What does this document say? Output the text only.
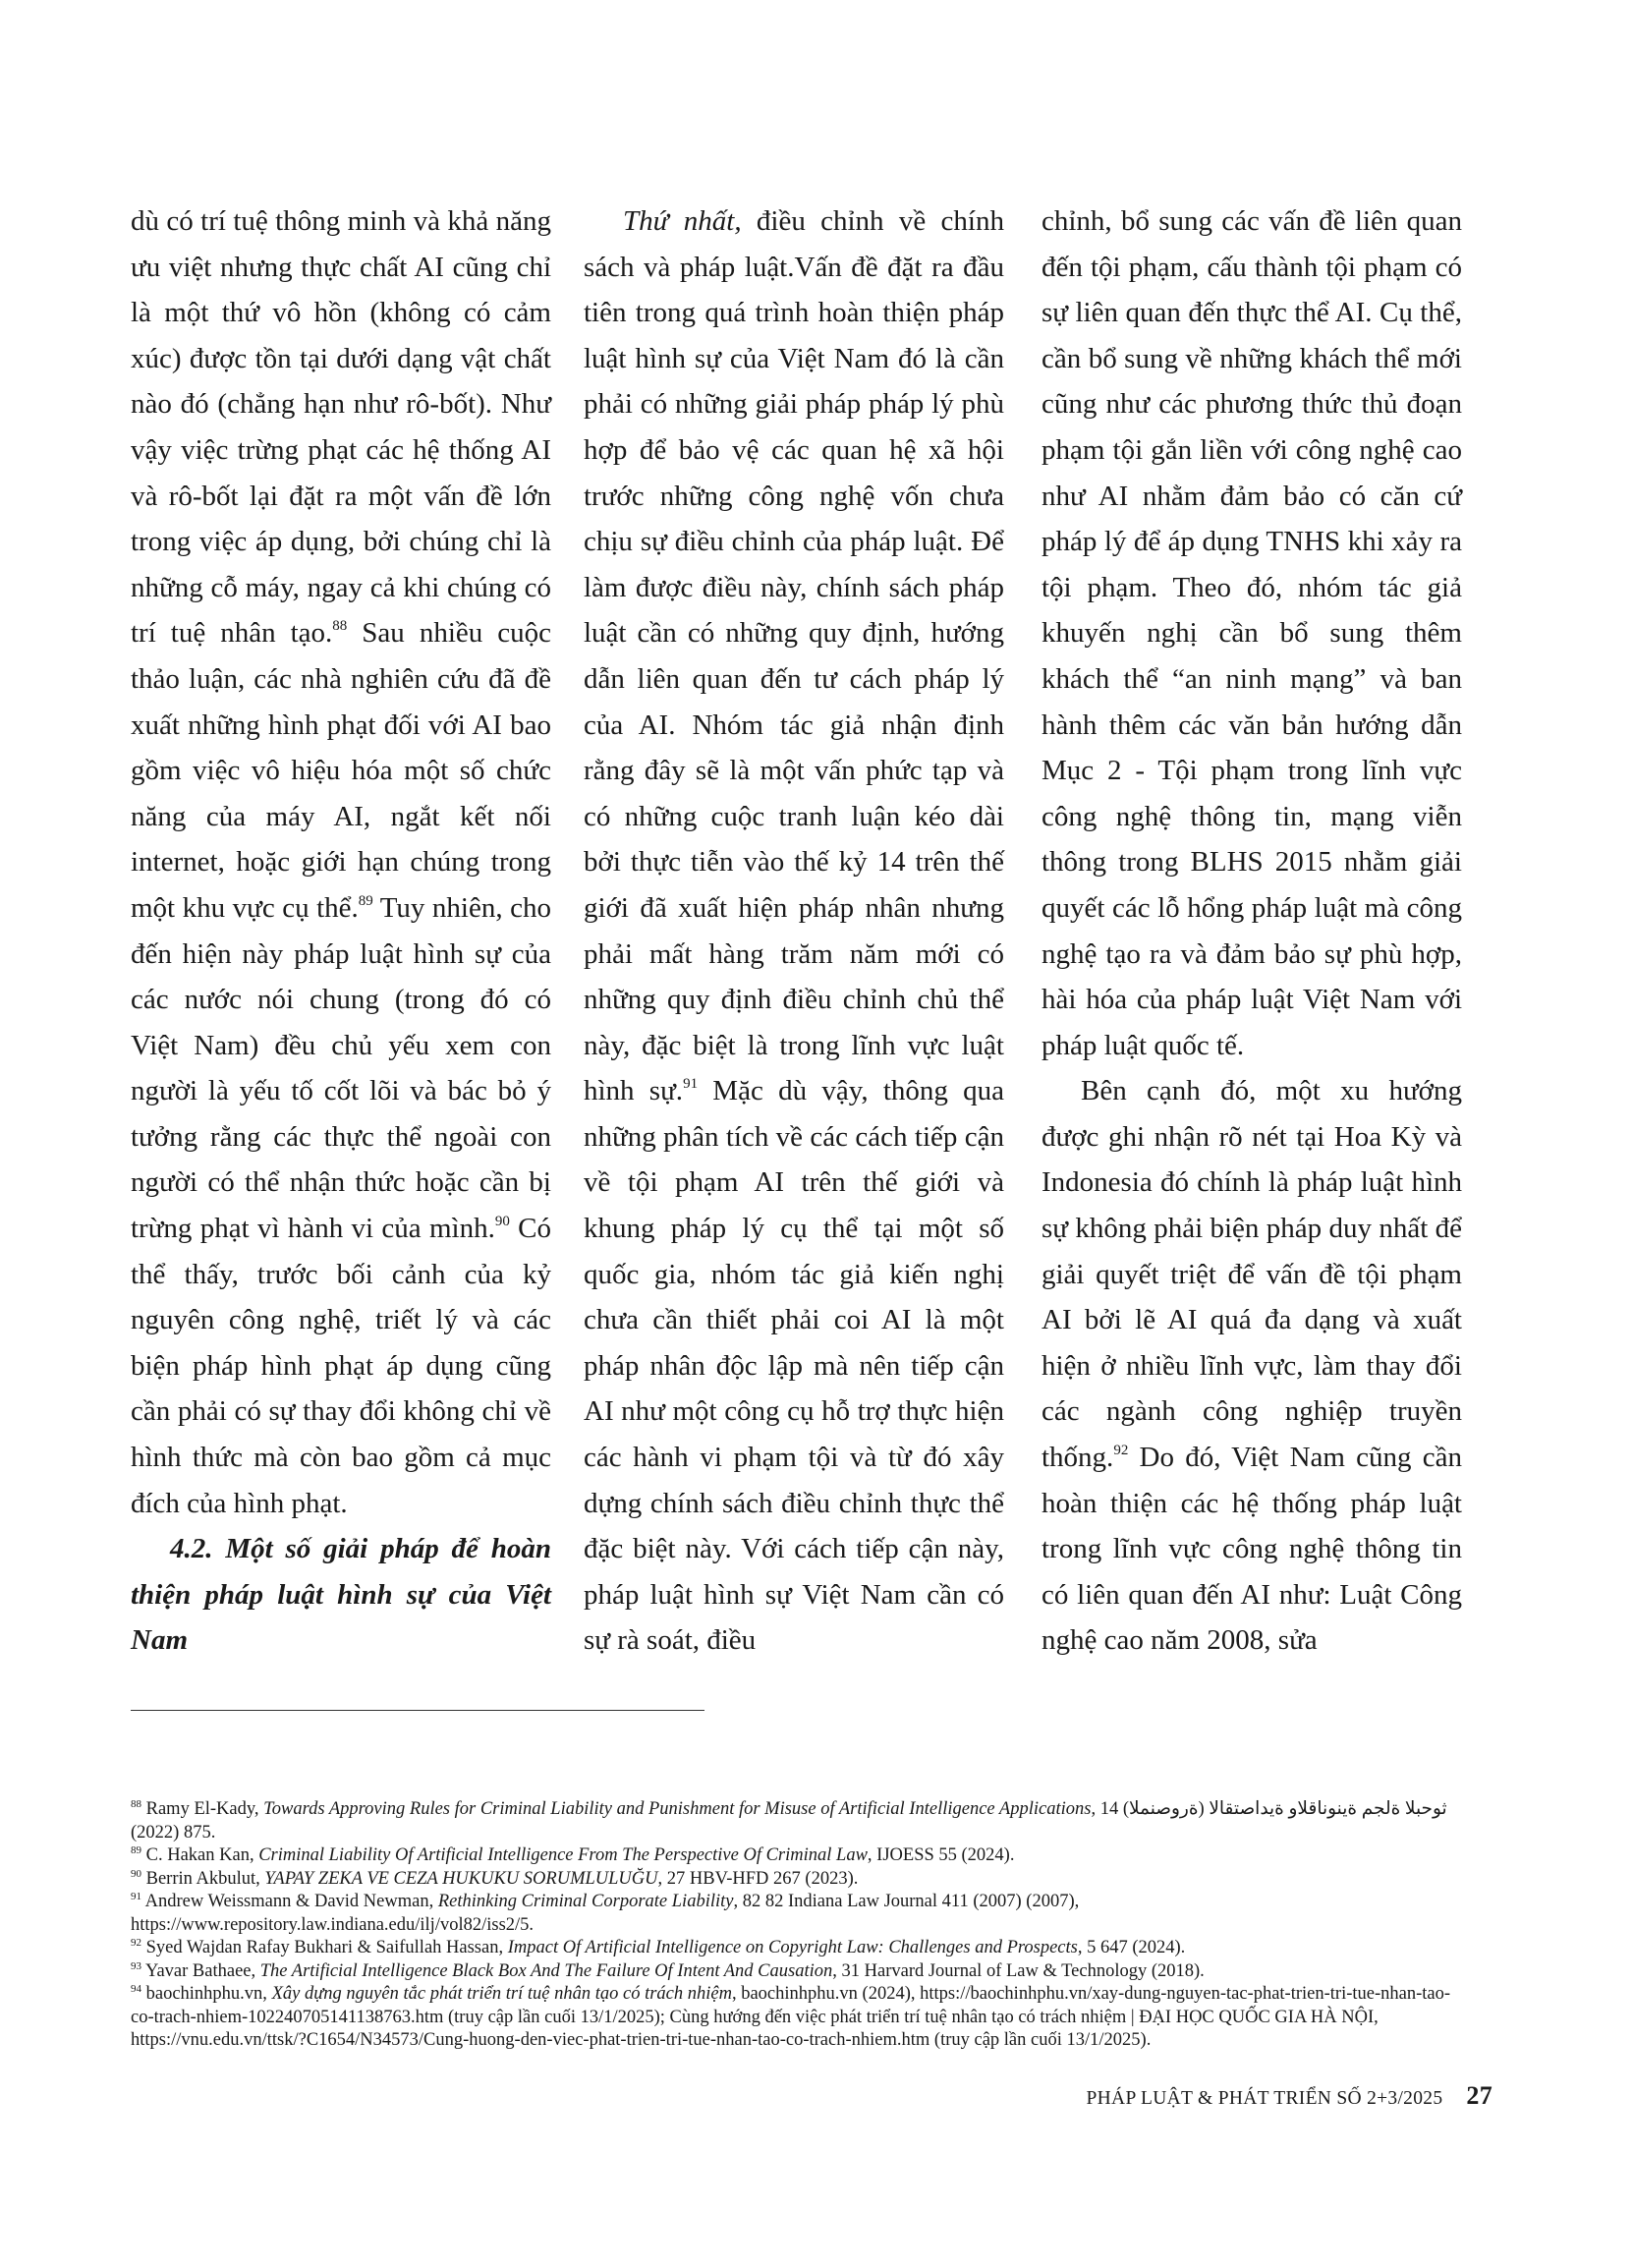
dù có trí tuệ thông minh và khả năng ưu việt nhưng thực chất AI cũng chỉ là một thứ vô hồn (không có cảm xúc) được tồn tại dưới dạng vật chất nào đó (chẳng hạn như rô-bốt). Như vậy việc trừng phạt các hệ thống AI và rô-bốt lại đặt ra một vấn đề lớn trong việc áp dụng, bởi chúng chỉ là những cỗ máy, ngay cả khi chúng có trí tuệ nhân tạo.$^{88}$ Sau nhiều cuộc thảo luận, các nhà nghiên cứu đã đề xuất những hình phạt đối với AI bao gồm việc vô hiệu hóa một số chức năng của máy AI, ngắt kết nối internet, hoặc giới hạn chúng trong một khu vực cụ thể.$^{89}$ Tuy nhiên, cho đến hiện này pháp luật hình sự của các nước nói chung (trong đó có Việt Nam) đều chủ yếu xem con người là yếu tố cốt lõi và bác bỏ ý tưởng rằng các thực thể ngoài con người có thể nhận thức hoặc cần bị trừng phạt vì hành vi của mình.$^{90}$ Có thể thấy, trước bối cảnh của kỷ nguyên công nghệ, triết lý và các biện pháp hình phạt áp dụng cũng cần phải có sự thay đổi không chỉ về hình thức mà còn bao gồm cả mục đích của hình phạt.

4.2. Một số giải pháp để hoàn thiện pháp luật hình sự của Việt Nam

Thứ nhất, điều chỉnh về chính sách và pháp luật.Vấn đề đặt ra đầu tiên trong quá trình hoàn thiện pháp luật hình sự của Việt Nam đó là cần phải có những giải pháp pháp lý phù hợp để bảo vệ các quan hệ xã hội trước những công nghệ vốn chưa chịu sự điều chỉnh của pháp luật. Để làm được điều này, chính sách pháp luật cần có những quy định, hướng dẫn liên quan đến tư cách pháp lý của AI. Nhóm tác giả nhận định rằng đây sẽ là một vấn phức tạp và có những cuộc tranh luận kéo dài bởi thực tiễn vào thế kỷ 14 trên thế giới đã xuất hiện pháp nhân nhưng phải mất hàng trăm năm mới có những quy định điều chỉnh chủ thể này, đặc biệt là trong lĩnh vực luật hình sự.$^{91}$ Mặc dù vậy, thông qua những phân tích về các cách tiếp cận về tội phạm AI trên thế giới và khung pháp lý cụ thể tại một số quốc gia, nhóm tác giả kiến nghị chưa cần thiết phải coi AI là một pháp nhân độc lập mà nên tiếp cận AI như một công cụ hỗ trợ thực hiện các hành vi phạm tội và từ đó xây dựng chính sách điều chỉnh thực thể đặc biệt này. Với cách tiếp cận này, pháp luật hình sự Việt Nam cần có sự rà soát, điều

chỉnh, bổ sung các vấn đề liên quan đến tội phạm, cấu thành tội phạm có sự liên quan đến thực thể AI. Cụ thể, cần bổ sung về những khách thể mới cũng như các phương thức thủ đoạn phạm tội gắn liền với công nghệ cao như AI nhằm đảm bảo có căn cứ pháp lý để áp dụng TNHS khi xảy ra tội phạm. Theo đó, nhóm tác giả khuyến nghị cần bổ sung thêm khách thể “an ninh mạng” và ban hành thêm các văn bản hướng dẫn Mục 2 - Tội phạm trong lĩnh vực công nghệ thông tin, mạng viễn thông trong BLHS 2015 nhằm giải quyết các lỗ hổng pháp luật mà công nghệ tạo ra và đảm bảo sự phù hợp, hài hóa của pháp luật Việt Nam với pháp luật quốc tế.

Bên cạnh đó, một xu hướng được ghi nhận rõ nét tại Hoa Kỳ và Indonesia đó chính là pháp luật hình sự không phải biện pháp duy nhất để giải quyết triệt để vấn đề tội phạm AI bởi lẽ AI quá đa dạng và xuất hiện ở nhiều lĩnh vực, làm thay đổi các ngành công nghiệp truyền thống.$^{92}$ Do đó, Việt Nam cũng cần hoàn thiện các hệ thống pháp luật trong lĩnh vực công nghệ thông tin có liên quan đến AI như: Luật Công nghệ cao năm 2008, sửa

$^{88}$ Ramy El-Kady, Towards Approving Rules for Criminal Liability and Punishment for Misuse of Artificial Intelligence Applications, 14 ثوحبلا ةلجم ةينوناقلاو ةيداصتقالا (ةروصنملا) 875 (2022).

$^{89}$ C. Hakan Kan, Criminal Liability Of Artificial Intelligence From The Perspective Of Criminal Law, IJOESS 55 (2024).

$^{90}$ Berrin Akbulut, YAPAY ZEKA VE CEZA HUKUKU SORUMLULUĞU, 27 HBV-HFD 267 (2023).

$^{91}$ Andrew Weissmann & David Newman, Rethinking Criminal Corporate Liability, 82 82 Indiana Law Journal 411 (2007) (2007), https://www.repository.law.indiana.edu/ilj/vol82/iss2/5.

$^{92}$ Syed Wajdan Rafay Bukhari & Saifullah Hassan, Impact Of Artificial Intelligence on Copyright Law: Challenges and Prospects, 5 647 (2024).

$^{93}$ Yavar Bathaee, The Artificial Intelligence Black Box And The Failure Of Intent And Causation, 31 Harvard Journal of Law & Technology (2018).

$^{94}$ baochinhphu.vn, Xây dựng nguyên tắc phát triển trí tuệ nhân tạo có trách nhiệm, baochinhphu.vn (2024), https://baochinhphu.vn/xay-dung-nguyen-tac-phat-trien-tri-tue-nhan-tao-co-trach-nhiem-102240705141138763.htm (truy cập lần cuối 13/1/2025); Cùng hướng đến việc phát triển trí tuệ nhân tạo có trách nhiệm | ĐẠI HỌC QUỐC GIA HÀ NỘI, https://vnu.edu.vn/ttsk/?C1654/N34573/Cung-huong-den-viec-phat-trien-tri-tue-nhan-tao-co-trach-nhiem.htm (truy cập lần cuối 13/1/2025).

PHÁP LUẬT & PHÁT TRIỂN SỐ 2+3/2025 27
